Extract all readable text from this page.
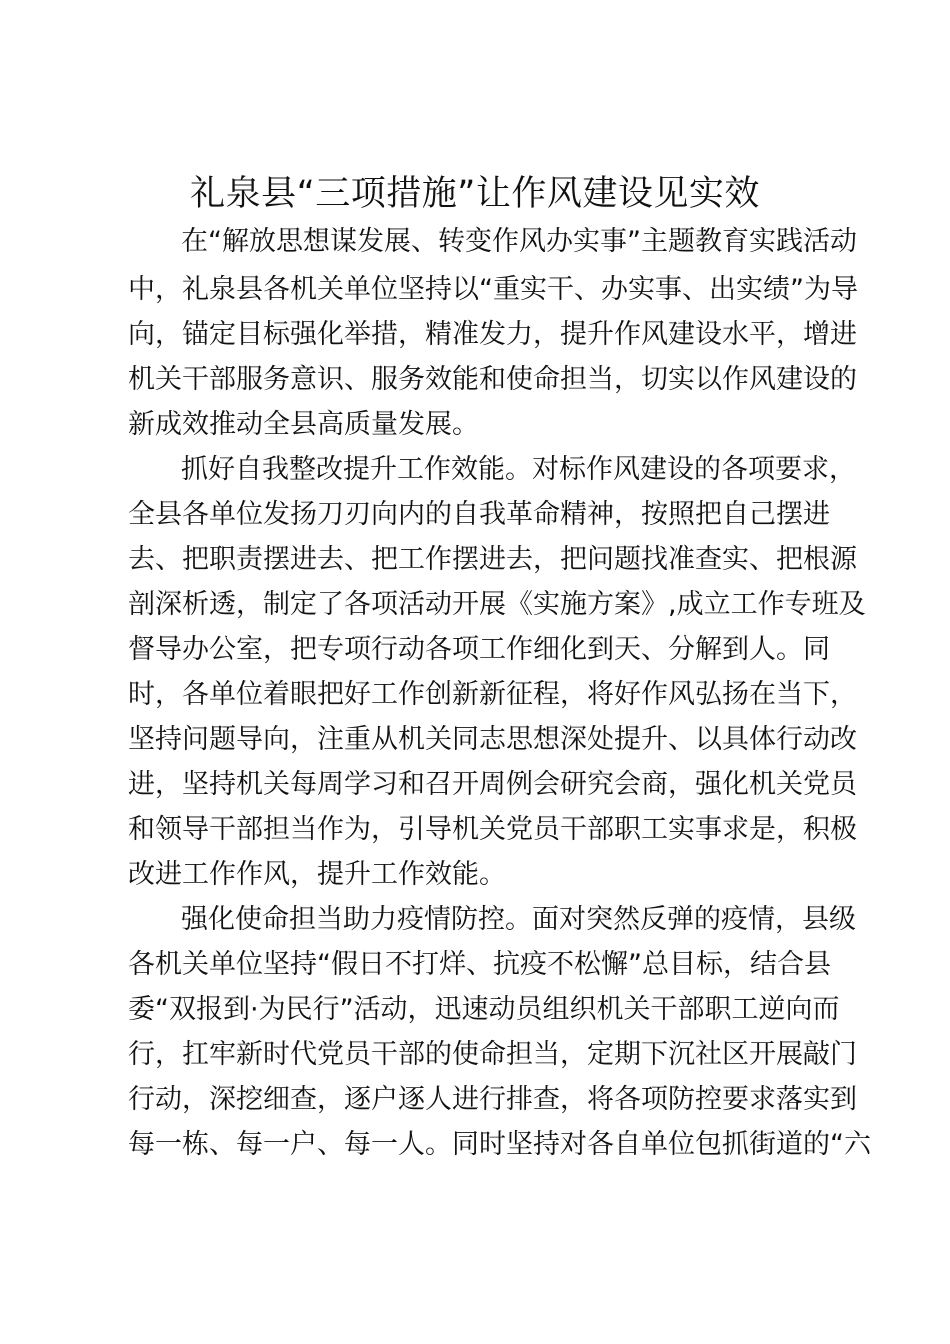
礼泉县“三项措施”让作风建设见实效
在“解放思想谋发展、转变作风办实事”主题教育实践活动
中，礼泉县各机关单位坚持以“重实干、办实事、出实绩”为导
向，锚定目标强化举措，精准发力，提升作风建设水平，增进
机关干部服务意识、服务效能和使命担当，切实以作风建设的
新成效推动全县高质量发展。
抓好自我整改提升工作效能。对标作风建设的各项要求，
全县各单位发扬刀刃向内的自我革命精神，按照把自己摆进
去、把职责摆进去、把工作摆进去，把问题找准查实、把根源
剖深析透，制定了各项活动开展《实施方案》,成立工作专班及
督导办公室，把专项行动各项工作细化到天、分解到人。同
时，各单位着眼把好工作创新新征程，将好作风弘扬在当下，
坚持问题导向，注重从机关同志思想深处提升、以具体行动改
进，坚持机关每周学习和召开周例会研究会商，强化机关党员
和领导干部担当作为，引导机关党员干部职工实事求是，积极
改进工作作风，提升工作效能。
强化使命担当助力疫情防控。面对突然反弹的疫情，县级
各机关单位坚持“假日不打烊、抗疫不松懈”总目标，结合县
委“双报到·为民行”活动，迅速动员组织机关干部职工逆向而
行，扛牢新时代党员干部的使命担当，定期下沉社区开展敲门
行动，深挖细查，逐户逐人进行排查，将各项防控要求落实到
每一栋、每一户、每一人。同时坚持对各自单位包抓街道的“六
